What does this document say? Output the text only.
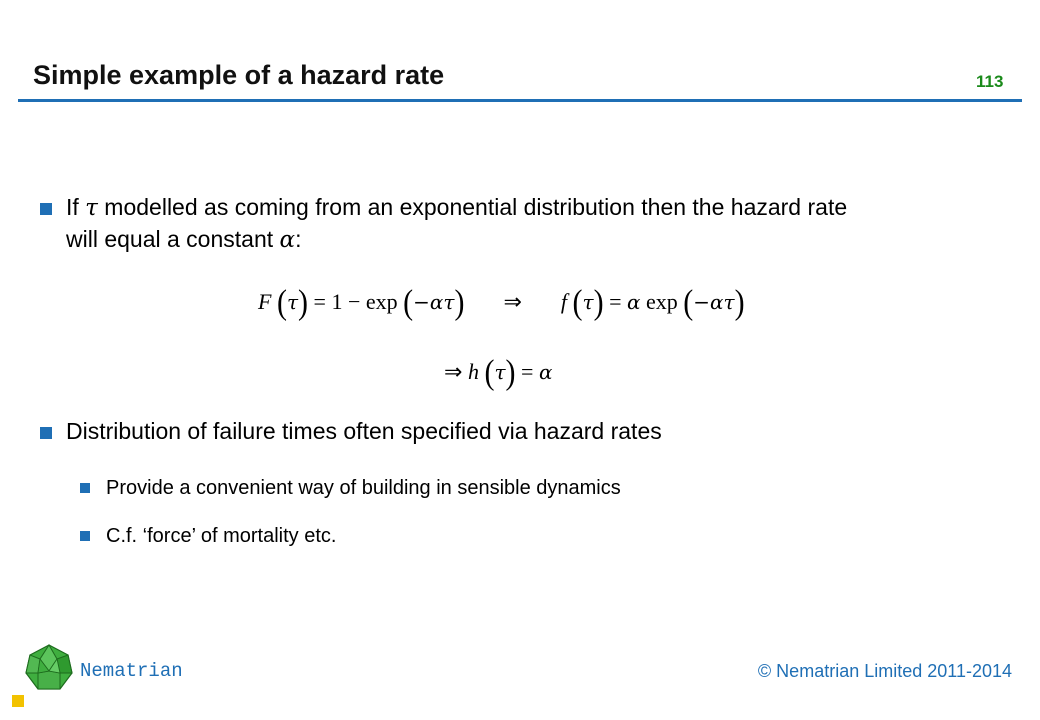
Simple example of a hazard rate	113
If τ modelled as coming from an exponential distribution then the hazard rate
will equal a constant α:
F (τ) = 1 − exp (−ατ) ⇒ f (τ) = α exp (−ατ)
⇒ h (τ) = α
Distribution of failure times often specified via hazard rates
Provide a convenient way of building in sensible dynamics
C.f. ‘force’ of mortality etc.
Nematrian	© Nematrian Limited 2011-2014
